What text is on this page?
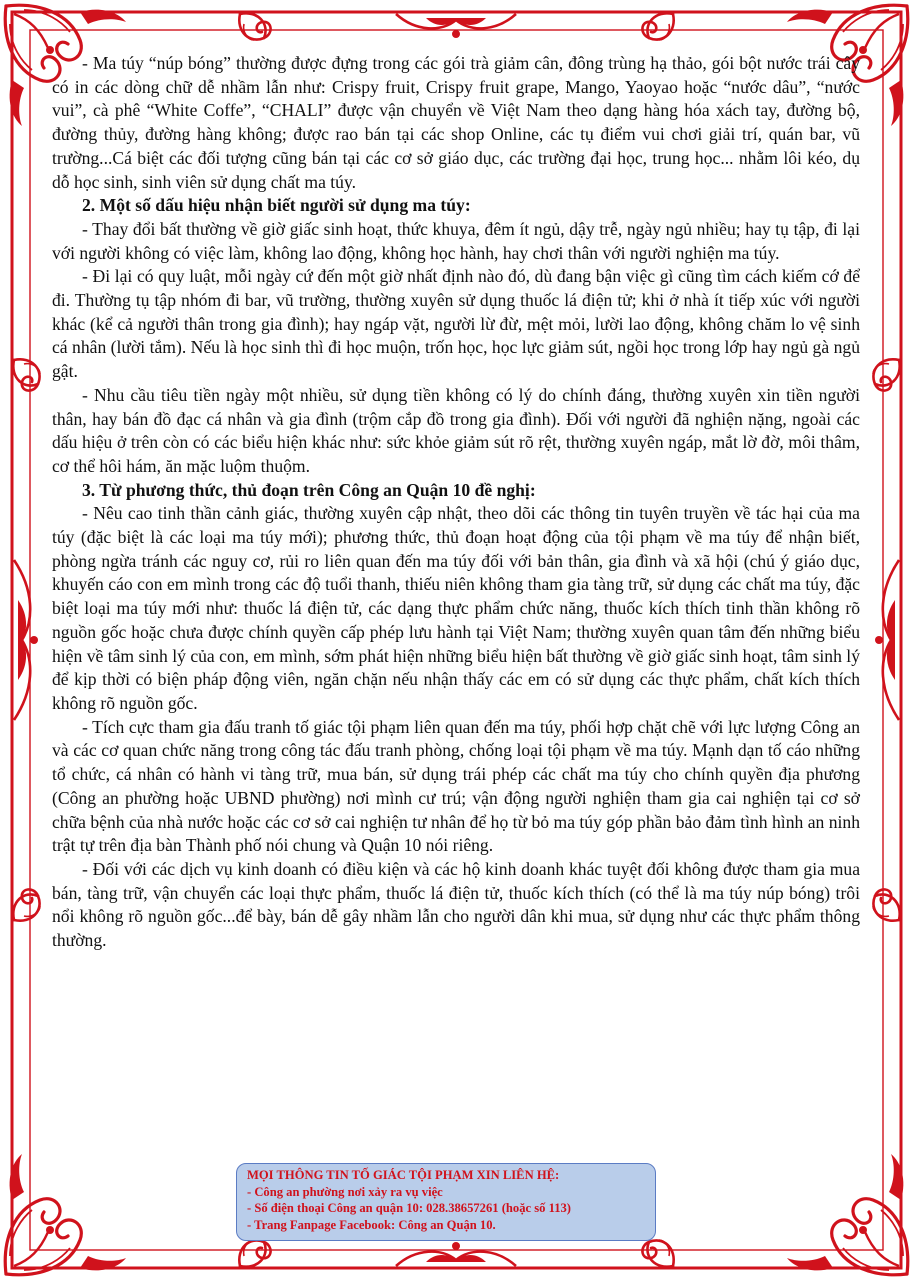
- Ma túy “núp bóng” thường được đựng trong các gói trà giảm cân, đông trùng hạ thảo, gói bột nước trái cây có in các dòng chữ dễ nhầm lẫn như: Crispy fruit, Crispy fruit grape, Mango, Yaoyao hoặc “nước dâu”, “nước vui”, cà phê “White Coffe”, “CHALI” được vận chuyển về Việt Nam theo dạng hàng hóa xách tay, đường bộ, đường thủy, đường hàng không; được rao bán tại các shop Online, các tụ điểm vui chơi giải trí, quán bar, vũ trường...Cá biệt các đối tượng cũng bán tại các cơ sở giáo dục, các trường đại học, trung học... nhằm lôi kéo, dụ dỗ học sinh, sinh viên sử dụng chất ma túy.

2. Một số dấu hiệu nhận biết người sử dụng ma túy:

- Thay đổi bất thường về giờ giấc sinh hoạt, thức khuya, đêm ít ngủ, dậy trễ, ngày ngủ nhiều; hay tụ tập, đi lại với người không có việc làm, không lao động, không học hành, hay chơi thân với người nghiện ma túy.

- Đi lại có quy luật, mỗi ngày cứ đến một giờ nhất định nào đó, dù đang bận việc gì cũng tìm cách kiếm cớ để đi. Thường tụ tập nhóm đi bar, vũ trường, thường xuyên sử dụng thuốc lá điện tử; khi ở nhà ít tiếp xúc với người khác (kể cả người thân trong gia đình); hay ngáp vặt, người lừ đừ, mệt mỏi, lười lao động, không chăm lo vệ sinh cá nhân (lười tắm). Nếu là học sinh thì đi học muộn, trốn học, học lực giảm sút, ngồi học trong lớp hay ngủ gà ngủ gật.

- Nhu cầu tiêu tiền ngày một nhiều, sử dụng tiền không có lý do chính đáng, thường xuyên xin tiền người thân, hay bán đồ đạc cá nhân và gia đình (trộm cắp đồ trong gia đình). Đối với người đã nghiện nặng, ngoài các dấu hiệu ở trên còn có các biểu hiện khác như: sức khỏe giảm sút rõ rệt, thường xuyên ngáp, mắt lờ đờ, môi thâm, cơ thể hôi hám, ăn mặc luộm thuộm.

3. Từ phương thức, thủ đoạn trên Công an Quận 10 đề nghị:

- Nêu cao tinh thần cảnh giác, thường xuyên cập nhật, theo dõi các thông tin tuyên truyền về tác hại của ma túy (đặc biệt là các loại ma túy mới); phương thức, thủ đoạn hoạt động của tội phạm về ma túy để nhận biết, phòng ngừa tránh các nguy cơ, rủi ro liên quan đến ma túy đối với bản thân, gia đình và xã hội (chú ý giáo dục, khuyến cáo con em mình trong các độ tuổi thanh, thiếu niên không tham gia tàng trữ, sử dụng các chất ma túy, đặc biệt loại ma túy mới như: thuốc lá điện tử, các dạng thực phẩm chức năng, thuốc kích thích tinh thần không rõ nguồn gốc hoặc chưa được chính quyền cấp phép lưu hành tại Việt Nam; thường xuyên quan tâm đến những biểu hiện về tâm sinh lý của con, em mình, sớm phát hiện những biểu hiện bất thường về giờ giấc sinh hoạt, tâm sinh lý để kịp thời có biện pháp động viên, ngăn chặn nếu nhận thấy các em có sử dụng các thực phẩm, chất kích thích không rõ nguồn gốc.

- Tích cực tham gia đấu tranh tố giác tội phạm liên quan đến ma túy, phối hợp chặt chẽ với lực lượng Công an và các cơ quan chức năng trong công tác đấu tranh phòng, chống loại tội phạm về ma túy. Mạnh dạn tố cáo những tổ chức, cá nhân có hành vi tàng trữ, mua bán, sử dụng trái phép các chất ma túy cho chính quyền địa phương (Công an phường hoặc UBND phường) nơi mình cư trú; vận động người nghiện tham gia cai nghiện tại cơ sở chữa bệnh của nhà nước hoặc các cơ sở cai nghiện tư nhân để họ từ bỏ ma túy góp phần bảo đảm tình hình an ninh trật tự trên địa bàn Thành phố nói chung và Quận 10 nói riêng.

- Đối với các dịch vụ kinh doanh có điều kiện và các hộ kinh doanh khác tuyệt đối không được tham gia mua bán, tàng trữ, vận chuyển các loại thực phẩm, thuốc lá điện tử, thuốc kích thích (có thể là ma túy núp bóng) trôi nổi không rõ nguồn gốc...để bày, bán dễ gây nhầm lẫn cho người dân khi mua, sử dụng như các thực phẩm thông thường.

MỌI THÔNG TIN TỐ GIÁC TỘI PHẠM XIN LIÊN HỆ:
- Công an phường nơi xảy ra vụ việc
- Số điện thoại Công an quận 10: 028.38657261 (hoặc số 113)
- Trang Fanpage Facebook: Công an Quận 10.
